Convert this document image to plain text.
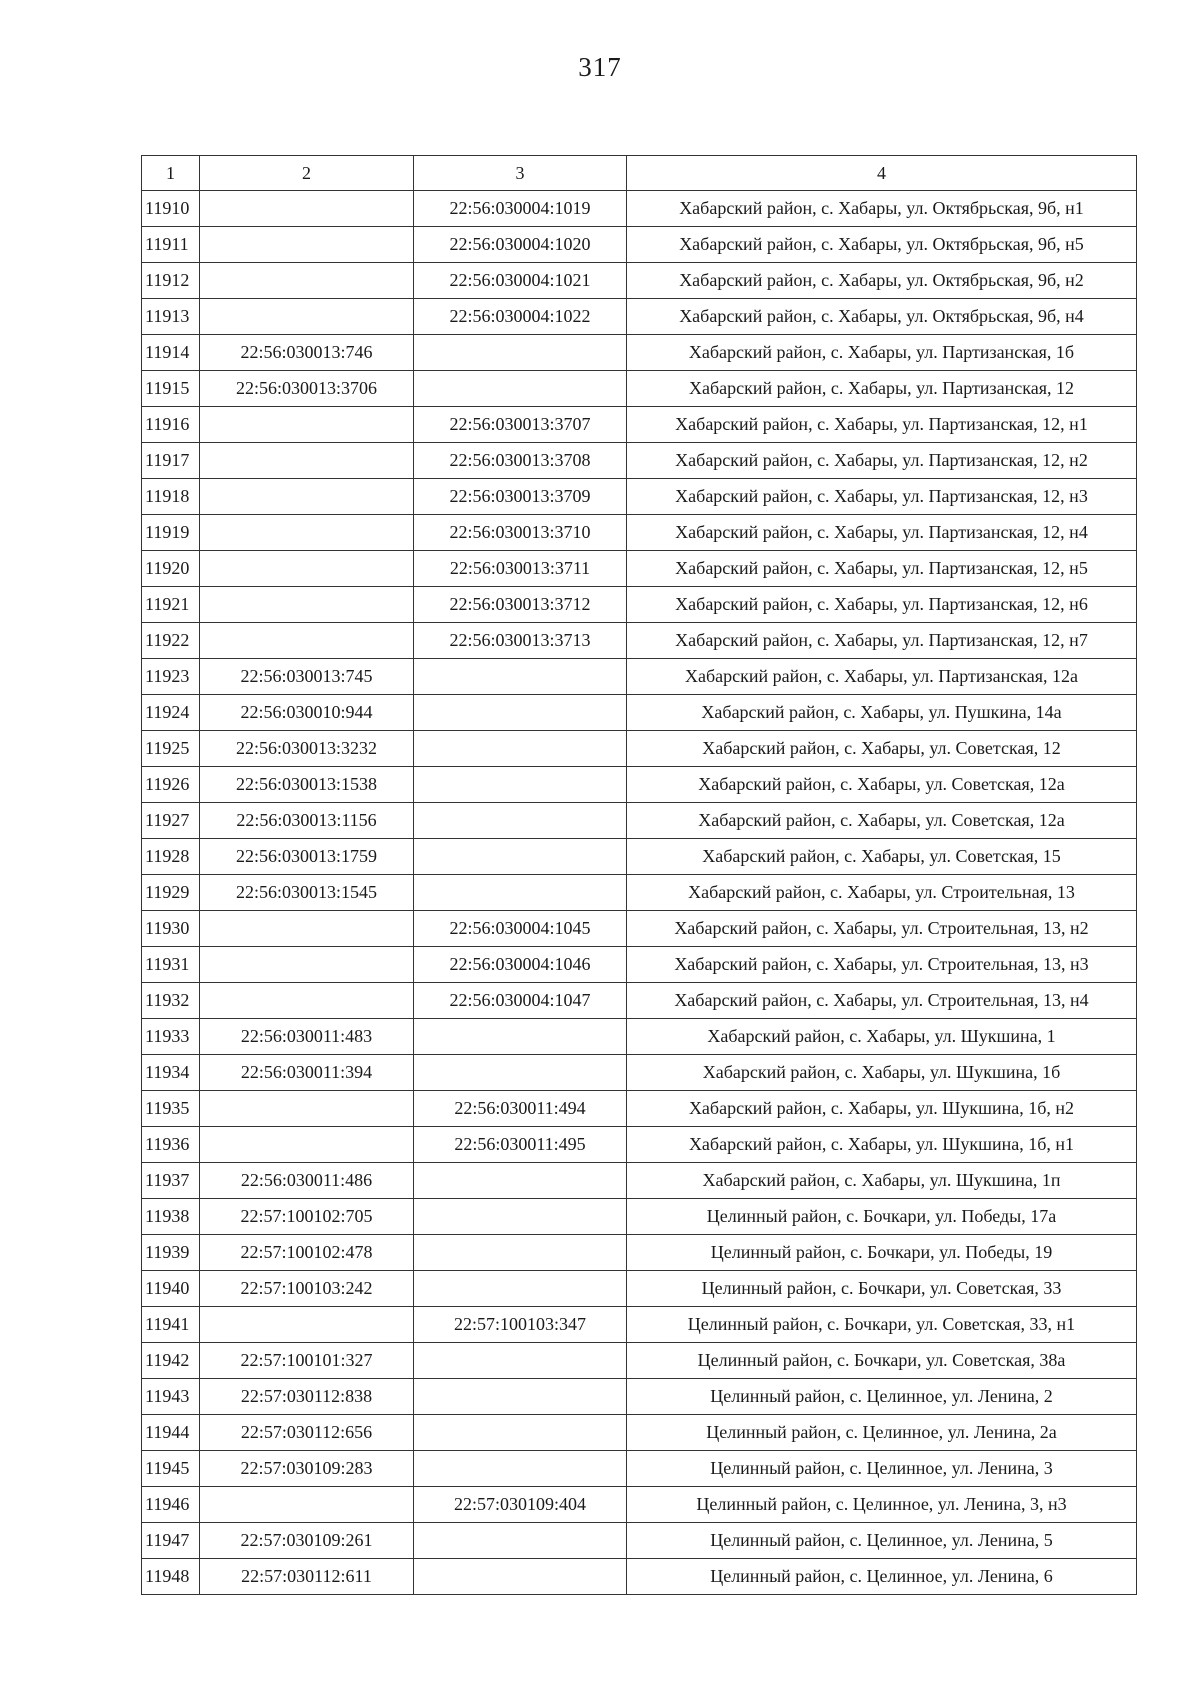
317
1	2	3	4
11910		22:56:030004:1019	Хабарский район, с. Хабары, ул. Октябрьская, 9б, н1
11911		22:56:030004:1020	Хабарский район, с. Хабары, ул. Октябрьская, 9б, н5
11912		22:56:030004:1021	Хабарский район, с. Хабары, ул. Октябрьская, 9б, н2
11913		22:56:030004:1022	Хабарский район, с. Хабары, ул. Октябрьская, 9б, н4
11914	22:56:030013:746		Хабарский район, с. Хабары, ул. Партизанская, 1б
11915	22:56:030013:3706		Хабарский район, с. Хабары, ул. Партизанская, 12
11916		22:56:030013:3707	Хабарский район, с. Хабары, ул. Партизанская, 12, н1
11917		22:56:030013:3708	Хабарский район, с. Хабары, ул. Партизанская, 12, н2
11918		22:56:030013:3709	Хабарский район, с. Хабары, ул. Партизанская, 12, н3
11919		22:56:030013:3710	Хабарский район, с. Хабары, ул. Партизанская, 12, н4
11920		22:56:030013:3711	Хабарский район, с. Хабары, ул. Партизанская, 12, н5
11921		22:56:030013:3712	Хабарский район, с. Хабары, ул. Партизанская, 12, н6
11922		22:56:030013:3713	Хабарский район, с. Хабары, ул. Партизанская, 12, н7
11923	22:56:030013:745		Хабарский район, с. Хабары, ул. Партизанская, 12а
11924	22:56:030010:944		Хабарский район, с. Хабары, ул. Пушкина, 14а
11925	22:56:030013:3232		Хабарский район, с. Хабары, ул. Советская, 12
11926	22:56:030013:1538		Хабарский район, с. Хабары, ул. Советская, 12а
11927	22:56:030013:1156		Хабарский район, с. Хабары, ул. Советская, 12а
11928	22:56:030013:1759		Хабарский район, с. Хабары, ул. Советская, 15
11929	22:56:030013:1545		Хабарский район, с. Хабары, ул. Строительная, 13
11930		22:56:030004:1045	Хабарский район, с. Хабары, ул. Строительная, 13, н2
11931		22:56:030004:1046	Хабарский район, с. Хабары, ул. Строительная, 13, н3
11932		22:56:030004:1047	Хабарский район, с. Хабары, ул. Строительная, 13, н4
11933	22:56:030011:483		Хабарский район, с. Хабары, ул. Шукшина, 1
11934	22:56:030011:394		Хабарский район, с. Хабары, ул. Шукшина, 1б
11935		22:56:030011:494	Хабарский район, с. Хабары, ул. Шукшина, 1б, н2
11936		22:56:030011:495	Хабарский район, с. Хабары, ул. Шукшина, 1б, н1
11937	22:56:030011:486		Хабарский район, с. Хабары, ул. Шукшина, 1п
11938	22:57:100102:705		Целинный район, с. Бочкари, ул. Победы, 17а
11939	22:57:100102:478		Целинный район, с. Бочкари, ул. Победы, 19
11940	22:57:100103:242		Целинный район, с. Бочкари, ул. Советская, 33
11941		22:57:100103:347	Целинный район, с. Бочкари, ул. Советская, 33, н1
11942	22:57:100101:327		Целинный район, с. Бочкари, ул. Советская, 38а
11943	22:57:030112:838		Целинный район, с. Целинное, ул. Ленина, 2
11944	22:57:030112:656		Целинный район, с. Целинное, ул. Ленина, 2а
11945	22:57:030109:283		Целинный район, с. Целинное, ул. Ленина, 3
11946		22:57:030109:404	Целинный район, с. Целинное, ул. Ленина, 3, н3
11947	22:57:030109:261		Целинный район, с. Целинное, ул. Ленина, 5
11948	22:57:030112:611		Целинный район, с. Целинное, ул. Ленина, 6
